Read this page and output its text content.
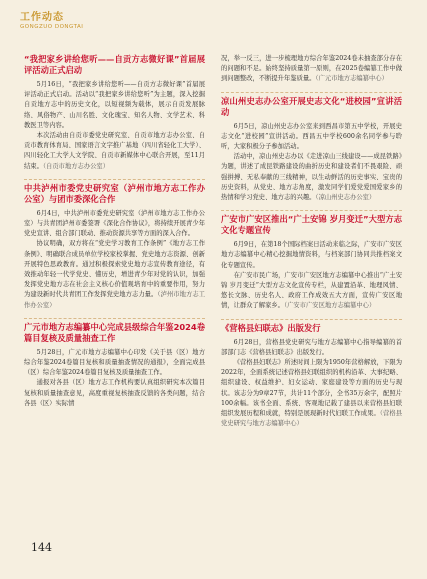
工作动态
GONGZUO DONGTAI
“我把家乡讲给您听——自贡方志微好课”首届展评活动正式启动

5月16日，“我把家乡讲给您听——自贡方志微好课”首届展评活动正式启动。活动以“我把家乡讲给您听”为主题，深入挖掘自贡地方志中的历史文化，以短视频为载体，展示自贡发展脉络、风俗物产、山川名胜、文化瑰宝、知名人物、文学艺术、科教医卫等内容。

本次活动由自贡市委党史研究室、自贡市地方志办公室、自贡市教育体育局、国家语言文字推广基地（四川省轻化工大学）、四川轻化工大学人文学院、自贡市新媒体中心联合开展，至11月结束。（自贡市地方志办公室）

中共泸州市委党史研究室（泸州市地方志工作办公室）与团市委深化合作

6月4日，中共泸州市委党史研究室（泸州市地方志工作办公室）与共青团泸州市委签署《深化合作协议》，将持续开展青少年党史宣讲、组合部门联动、推动资源共享等方面的深入合作。

协议明确，双方将在“党史学习教育工作条例”《地方志工作条例》、明确联合成员单位学校家校掌握、党史地方志资源、创新开展特色思政教育。通过积极探索党史地方志宣传教育途径，有效推动年轻一代学党史、懂历史，增进青少年对党的认识，加强发挥党史地方志在社会主义核心价值观培育中的重要作用，努力为建设新时代共青团工作发挥党史地方志力量。（泸州市地方志工作办公室）

广元市地方志编纂中心完成县级综合年鉴2024卷篇目复核及质量抽查工作

5月28日，广元市地方志编纂中心印发《关于县（区）地方综合年鉴2024卷篇目复核和质量抽查情况的通报》，全面完成县（区）综合年鉴2024卷篇目复核及质量抽查工作。

通报对各县（区）地方志工作机构要认真组织研究本次篇目复核和质量抽查意见，高度重视复核抽查反馈的各类问题，结合各县（区）实际情

况，举一反三，进一步梳理地方综合年鉴2024卷未抽查部分存在的问题和不足。始终坚持质量第一原则，在2025卷编纂工作中做到问题整改，不断提升年鉴质量。（广元市地方志编纂中心）

凉山州史志办公室开展史志文化“进校园”宣讲活动

6月5日，凉山州史志办公室来到西昌市第五中学校，开展史志文化“进校园”宣讲活动。西昌五中学校600余名同学参与聆听，大家积极分子参加活动。

活动中，凉山州史志办以《走进凉山三线建设——成昆铁路》为题，讲述了成昆铁路建设的曲折历史和建设者们不畏艰险、顽强拼搏、无私奉献的三线精神，以生动鲜活的历史事实、宝贵的历史资料，从党史、地方志角度，激发同学们爱党爱国爱家乡的热情和学习党史、地方志的兴趣。（凉山州史志办公室）

广安市广安区推出“广土安锦 岁月变迁”大型方志文化专题宣传

6月9日，在第18个国际档案日活动来临之际，广安市广安区地方志编纂中心精心挖掘地情资料，与档案部门协同共推档案文化专题宣传。

在广安市民广场，广安市广安区地方志编纂中心推出“广土安锦 岁月变迁”大型方志文化宣传专栏，从建置沿革、地理风情、悠长文脉、历史名人、政府工作成效五大方面，宣传广安区地情，让群众了解家乡。（广安市广安区地方志编纂中心）

《营格县妇联志》出版发行

6月28日，营格县党史研究与地方志编纂中心指导编纂的首部部门志《营格县妇联志》出版发行。

《营格县妇联志》所述时间上限为1950年营格解放，下限为2022年，全面系统记述营格县妇联组织的机构沿革、大事纪略、组织建设、权益维护、妇女运动、家庭建设等方面的历史与现状。该志分为9章27节，共计11个部分，全书35万余字，配照片100余幅。该书全面、系统、客观地记载了建县以来营格县妇联组织发展历程和成就，特别是展现新时代妇联工作成果。（营格县党史研究与地方志编纂中心）

144
